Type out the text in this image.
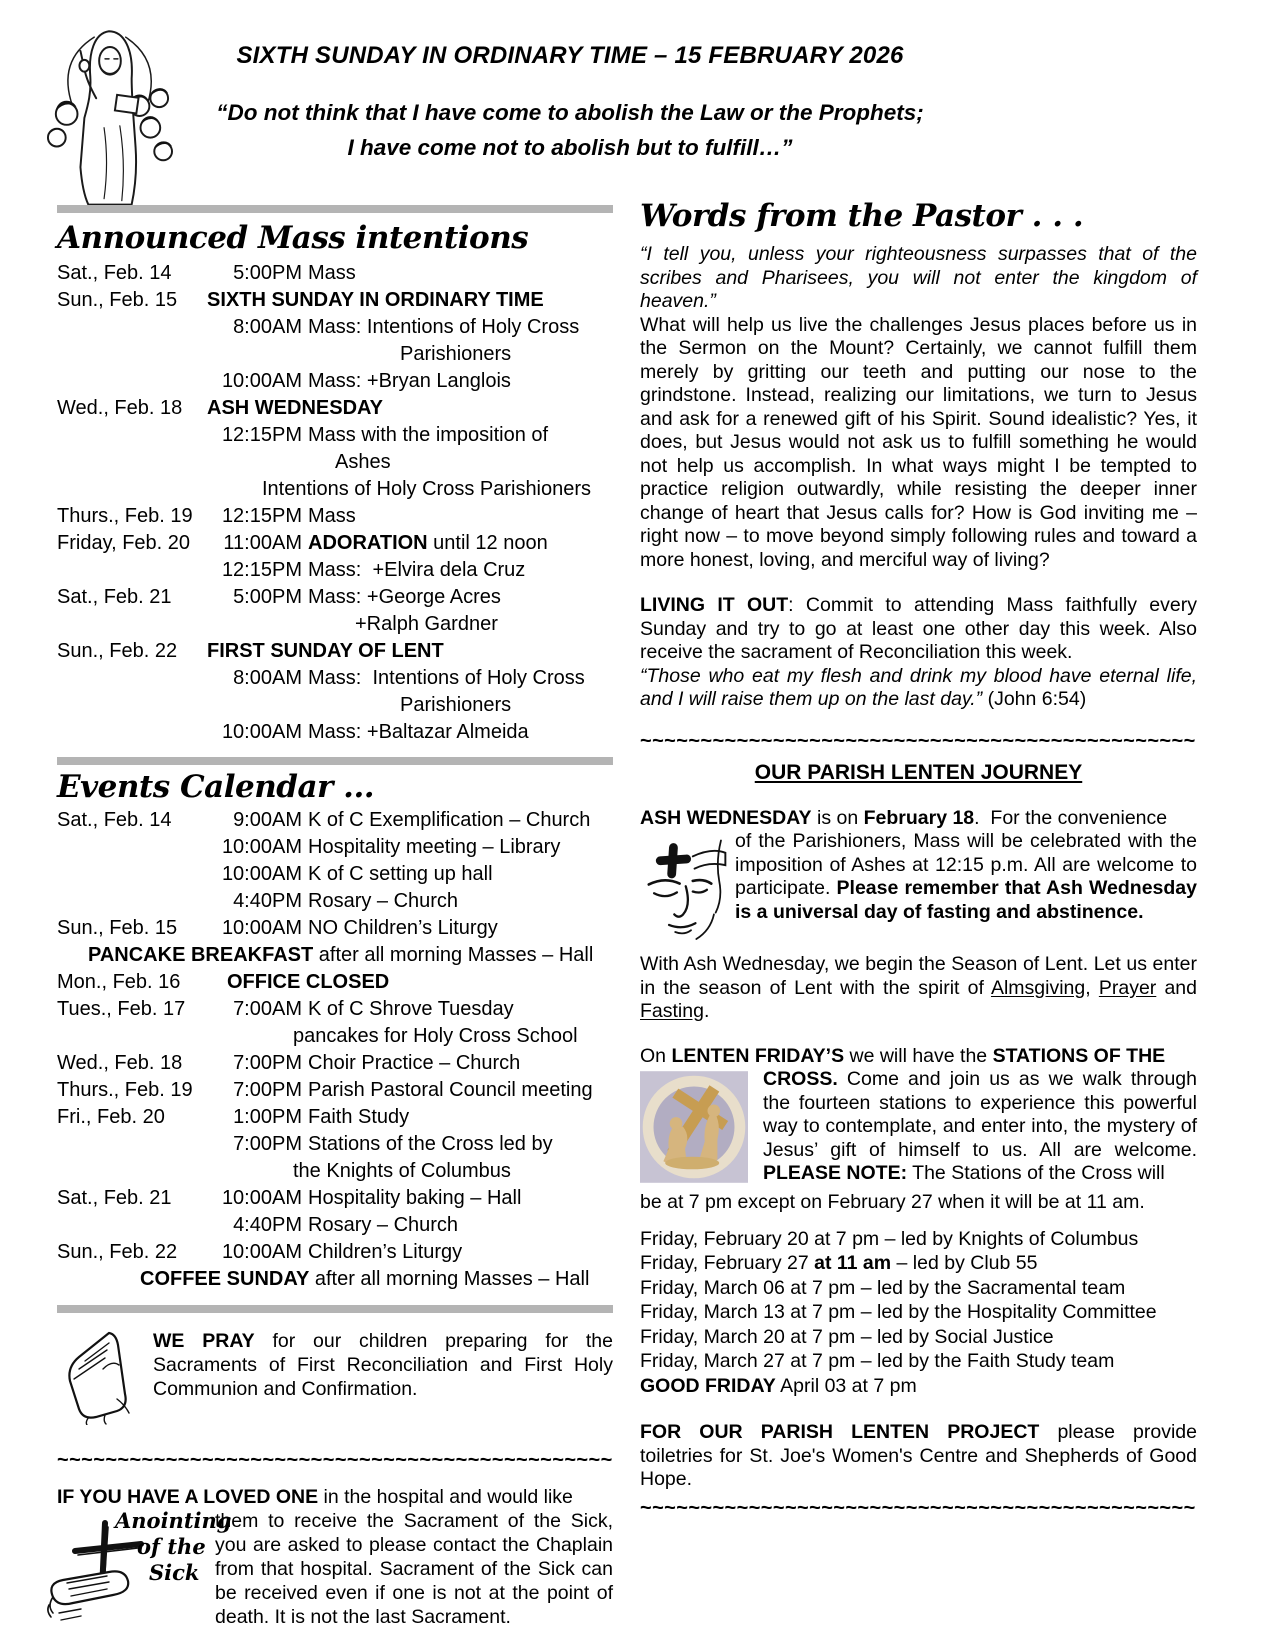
SIXTH SUNDAY IN ORDINARY TIME – 15 FEBRUARY 2026
“Do not think that I have come to abolish the Law or the Prophets;
I have come not to abolish but to fulfill…”
Announced Mass intentions
Sat., Feb. 14	5:00PM Mass
Sun., Feb. 15	SIXTH SUNDAY IN ORDINARY TIME
8:00AM Mass: Intentions of Holy Cross
Parishioners
10:00AM Mass: +Bryan Langlois
Wed., Feb. 18	ASH WEDNESDAY
12:15PM Mass with the imposition of
Ashes
Intentions of Holy Cross Parishioners
Thurs., Feb. 19	12:15PM Mass
Friday, Feb. 20	11:00AM ADORATION until 12 noon
12:15PM Mass:  +Elvira dela Cruz
Sat., Feb. 21	5:00PM Mass: +George Acres
+Ralph Gardner
Sun., Feb. 22	FIRST SUNDAY OF LENT
8:00AM Mass:  Intentions of Holy Cross
Parishioners
10:00AM Mass: +Baltazar Almeida
Events Calendar ...
Sat., Feb. 14	9:00AM K of C Exemplification – Church
10:00AM Hospitality meeting – Library
10:00AM K of C setting up hall
4:40PM Rosary – Church
Sun., Feb. 15	10:00AM NO Children’s Liturgy
PANCAKE BREAKFAST after all morning Masses – Hall
Mon., Feb. 16	OFFICE CLOSED
Tues., Feb. 17	7:00AM K of C Shrove Tuesday
pancakes for Holy Cross School
Wed., Feb. 18	7:00PM Choir Practice – Church
Thurs., Feb. 19	7:00PM Parish Pastoral Council meeting
Fri., Feb. 20	1:00PM Faith Study
7:00PM Stations of the Cross led by
the Knights of Columbus
Sat., Feb. 21	10:00AM Hospitality baking – Hall
4:40PM Rosary – Church
Sun., Feb. 22	10:00AM Children’s Liturgy
COFFEE SUNDAY after all morning Masses – Hall
WE PRAY for our children preparing for the Sacraments of First Reconciliation and First Holy Communion and Confirmation.
~~~~~~~~~~~~~~~~~~~~~~~~~~~~~~~~~~~~~~~~~~~~~~
IF YOU HAVE A LOVED ONE in the hospital and would like
Anointing
of the
Sick
them to receive the Sacrament of the Sick, you are asked to please contact the Chaplain from that hospital. Sacrament of the Sick can be received even if one is not at the point of death. It is not the last Sacrament.
Words from the Pastor . . .
“I tell you, unless your righteousness surpasses that of the scribes and Pharisees, you will not enter the kingdom of heaven.”
What will help us live the challenges Jesus places before us in the Sermon on the Mount? Certainly, we cannot fulfill them merely by gritting our teeth and putting our nose to the grindstone. Instead, realizing our limitations, we turn to Jesus and ask for a renewed gift of his Spirit. Sound idealistic? Yes, it does, but Jesus would not ask us to fulfill something he would not help us accomplish. In what ways might I be tempted to practice religion outwardly, while resisting the deeper inner change of heart that Jesus calls for? How is God inviting me – right now – to move beyond simply following rules and toward a more honest, loving, and merciful way of living?
LIVING IT OUT: Commit to attending Mass faithfully every Sunday and try to go at least one other day this week. Also receive the sacrament of Reconciliation this week.
“Those who eat my flesh and drink my blood have eternal life, and I will raise them up on the last day.” (John 6:54)
~~~~~~~~~~~~~~~~~~~~~~~~~~~~~~~~~~~~~~~~~~~~~~
OUR PARISH LENTEN JOURNEY
ASH WEDNESDAY is on February 18.  For the convenience
of the Parishioners, Mass will be celebrated with the imposition of Ashes at 12:15 p.m. All are welcome to participate. Please remember that Ash Wednesday is a universal day of fasting and abstinence.
With Ash Wednesday, we begin the Season of Lent. Let us enter in the season of Lent with the spirit of Almsgiving, Prayer and Fasting.
On LENTEN FRIDAY’S we will have the STATIONS OF THE
CROSS. Come and join us as we walk through the fourteen stations to experience this powerful way to contemplate, and enter into, the mystery of Jesus’ gift of himself to us. All are welcome. PLEASE NOTE: The Stations of the Cross will
be at 7 pm except on February 27 when it will be at 11 am.
Friday, February 20 at 7 pm – led by Knights of Columbus
Friday, February 27 at 11 am – led by Club 55
Friday, March 06 at 7 pm – led by the Sacramental team
Friday, March 13 at 7 pm – led by the Hospitality Committee
Friday, March 20 at 7 pm – led by Social Justice
Friday, March 27 at 7 pm – led by the Faith Study team
GOOD FRIDAY April 03 at 7 pm
FOR OUR PARISH LENTEN PROJECT please provide toiletries for St. Joe's Women's Centre and Shepherds of Good Hope.
~~~~~~~~~~~~~~~~~~~~~~~~~~~~~~~~~~~~~~~~~~~~~~
